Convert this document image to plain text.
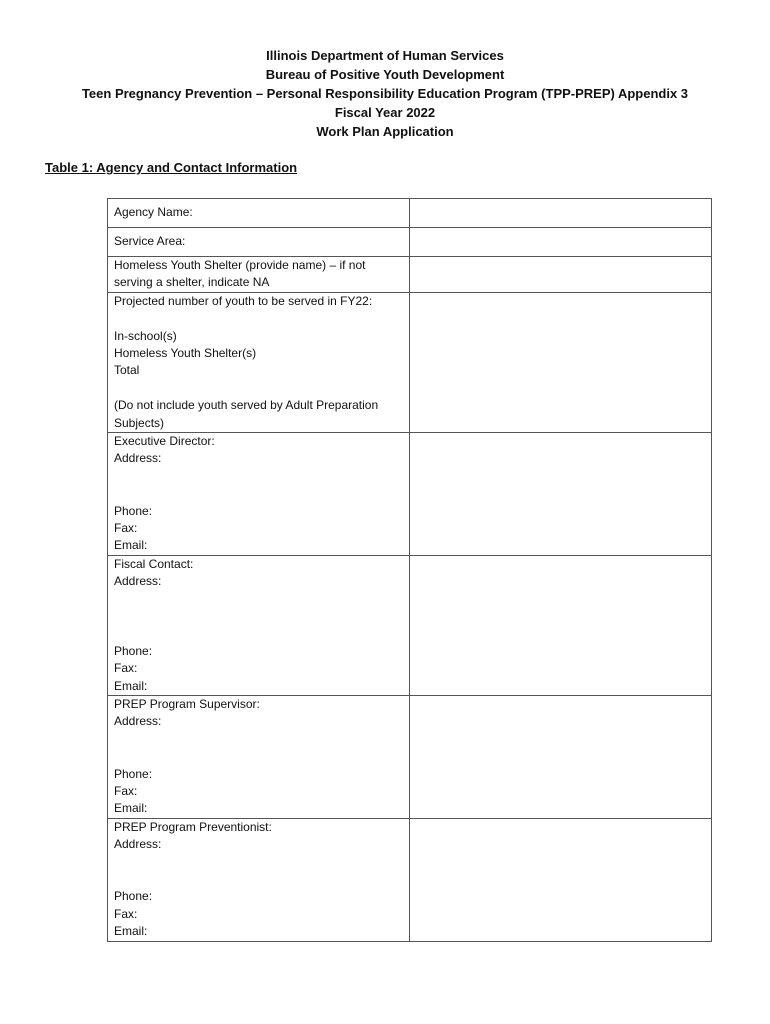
Illinois Department of Human Services
Bureau of Positive Youth Development
Teen Pregnancy Prevention – Personal Responsibility Education Program (TPP-PREP) Appendix 3
Fiscal Year 2022
Work Plan Application
Table 1: Agency and Contact Information
Agency Name:	

Service Area:	

Homeless Youth Shelter (provide name) – if not serving a shelter, indicate NA	

Projected number of youth to be served in FY22:
In-school(s)
Homeless Youth Shelter(s)
Total
(Do not include youth served by Adult Preparation Subjects)	

Executive Director:
Address:
Phone:
Fax:
Email:	

Fiscal Contact:
Address:
Phone:
Fax:
Email:	

PREP Program Supervisor:
Address:
Phone:
Fax:
Email:	

PREP Program Preventionist:
Address:
Phone:
Fax:
Email:	
